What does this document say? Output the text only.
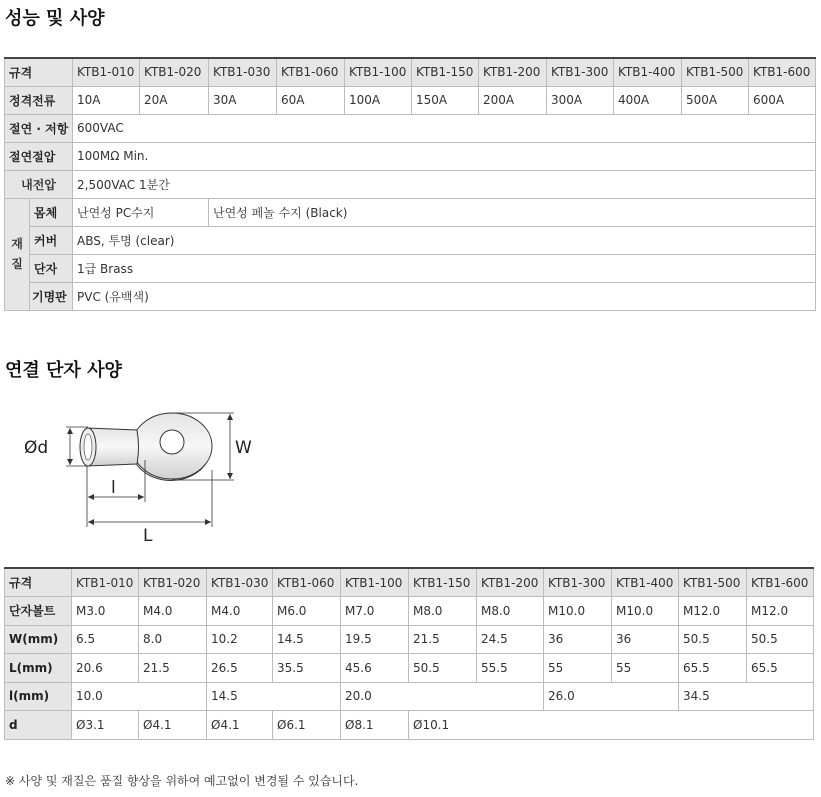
성능 및 사양
규격		KTB1-010	KTB1-020	KTB1-030	KTB1-060	KTB1-100	KTB1-150	KTB1-200	KTB1-300	KTB1-400	KTB1-500	KTB1-600
정격전류		10A	20A	30A	60A	100A	150A	200A	300A	400A	500A	600A
절연 · 저항		600VAC										
절연절압		100MΩ Min.										
내전압		2,500VAC 1분간										
재
질	몸체	난연성 PC수지		난연성 페놀 수지 (Black)								
	커버	ABS, 투명 (clear)										
	단자	1급 Brass										
	기명판	PVC (유백색)										
연결 단자 사양
Ød	W
l
L
규격	KTB1-010	KTB1-020	KTB1-030	KTB1-060	KTB1-100	KTB1-150	KTB1-200	KTB1-300	KTB1-400	KTB1-500	KTB1-600
단자볼트	M3.0	M4.0	M4.0	M6.0	M7.0	M8.0	M8.0	M10.0	M10.0	M12.0	M12.0
W(mm)	6.5	8.0	10.2	14.5	19.5	21.5	24.5	36	36	50.5	50.5
L(mm)	20.6	21.5	26.5	35.5	45.6	50.5	55.5	55	55	65.5	65.5
l(mm)	10.0		14.5		20.0			26.0		34.5	
d	Ø3.1	Ø4.1	Ø4.1	Ø6.1	Ø8.1	Ø10.1					

※ 사양 및 재질은 품질 향상을 위하여 예고없이 변경될 수 있습니다.
